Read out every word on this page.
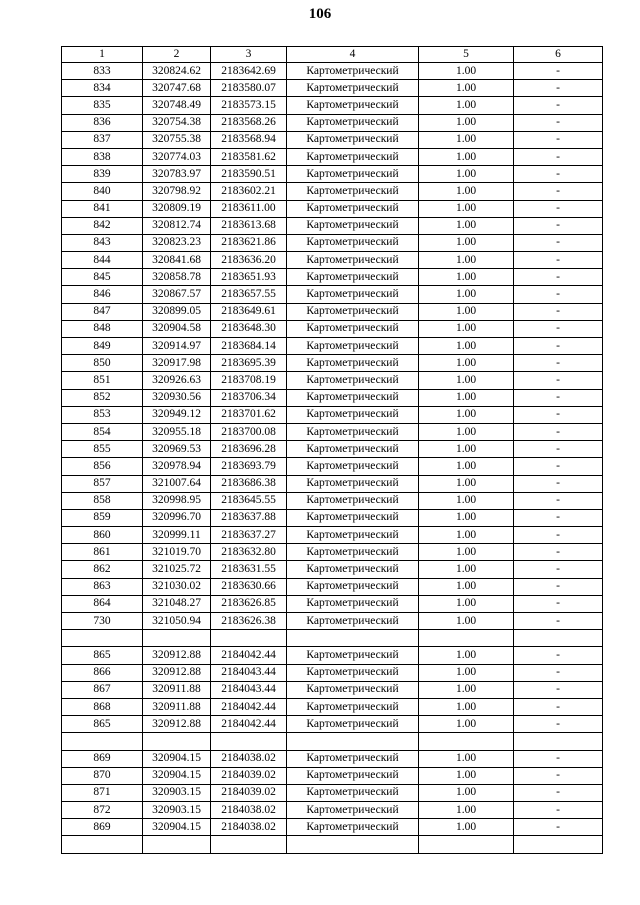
106
1	2	3	4	5	6
833	320824.62	2183642.69	Картометрический	1.00	-
834	320747.68	2183580.07	Картометрический	1.00	-
835	320748.49	2183573.15	Картометрический	1.00	-
836	320754.38	2183568.26	Картометрический	1.00	-
837	320755.38	2183568.94	Картометрический	1.00	-
838	320774.03	2183581.62	Картометрический	1.00	-
839	320783.97	2183590.51	Картометрический	1.00	-
840	320798.92	2183602.21	Картометрический	1.00	-
841	320809.19	2183611.00	Картометрический	1.00	-
842	320812.74	2183613.68	Картометрический	1.00	-
843	320823.23	2183621.86	Картометрический	1.00	-
844	320841.68	2183636.20	Картометрический	1.00	-
845	320858.78	2183651.93	Картометрический	1.00	-
846	320867.57	2183657.55	Картометрический	1.00	-
847	320899.05	2183649.61	Картометрический	1.00	-
848	320904.58	2183648.30	Картометрический	1.00	-
849	320914.97	2183684.14	Картометрический	1.00	-
850	320917.98	2183695.39	Картометрический	1.00	-
851	320926.63	2183708.19	Картометрический	1.00	-
852	320930.56	2183706.34	Картометрический	1.00	-
853	320949.12	2183701.62	Картометрический	1.00	-
854	320955.18	2183700.08	Картометрический	1.00	-
855	320969.53	2183696.28	Картометрический	1.00	-
856	320978.94	2183693.79	Картометрический	1.00	-
857	321007.64	2183686.38	Картометрический	1.00	-
858	320998.95	2183645.55	Картометрический	1.00	-
859	320996.70	2183637.88	Картометрический	1.00	-
860	320999.11	2183637.27	Картометрический	1.00	-
861	321019.70	2183632.80	Картометрический	1.00	-
862	321025.72	2183631.55	Картометрический	1.00	-
863	321030.02	2183630.66	Картометрический	1.00	-
864	321048.27	2183626.85	Картометрический	1.00	-
730	321050.94	2183626.38	Картометрический	1.00	-

865	320912.88	2184042.44	Картометрический	1.00	-
866	320912.88	2184043.44	Картометрический	1.00	-
867	320911.88	2184043.44	Картометрический	1.00	-
868	320911.88	2184042.44	Картометрический	1.00	-
865	320912.88	2184042.44	Картометрический	1.00	-

869	320904.15	2184038.02	Картометрический	1.00	-
870	320904.15	2184039.02	Картометрический	1.00	-
871	320903.15	2184039.02	Картометрический	1.00	-
872	320903.15	2184038.02	Картометрический	1.00	-
869	320904.15	2184038.02	Картометрический	1.00	-
